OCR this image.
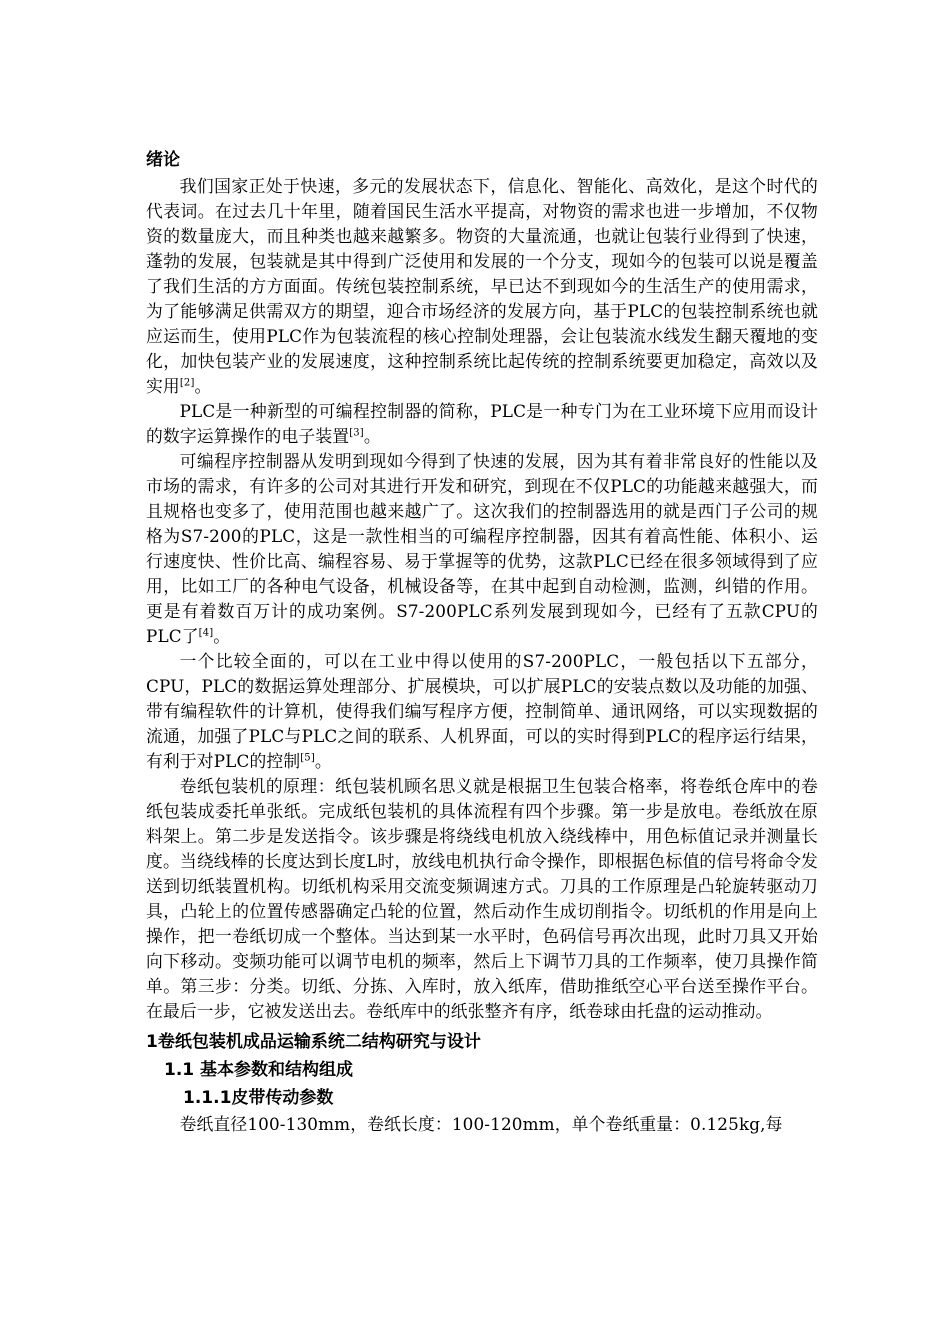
绪论

我们国家正处于快速，多元的发展状态下，信息化、智能化、高效化，是这个时代的代表词。在过去几十年里，随着国民生活水平提高，对物资的需求也进一步增加，不仅物资的数量庞大，而且种类也越来越繁多。物资的大量流通，也就让包装行业得到了快速，蓬勃的发展，包装就是其中得到广泛使用和发展的一个分支，现如今的包装可以说是覆盖了我们生活的方方面面。传统包装控制系统，早已达不到现如今的生活生产的使用需求，为了能够满足供需双方的期望，迎合市场经济的发展方向，基于PLC的包装控制系统也就应运而生，使用PLC作为包装流程的核心控制处理器，会让包装流水线发生翻天覆地的变化，加快包装产业的发展速度，这种控制系统比起传统的控制系统要更加稳定，高效以及实用[2]。

PLC是一种新型的可编程控制器的简称，PLC是一种专门为在工业环境下应用而设计的数字运算操作的电子装置[3]。

可编程序控制器从发明到现如今得到了快速的发展，因为其有着非常良好的性能以及市场的需求，有许多的公司对其进行开发和研究，到现在不仅PLC的功能越来越强大，而且规格也变多了，使用范围也越来越广了。这次我们的控制器选用的就是西门子公司的规格为S7-200的PLC，这是一款性相当的可编程序控制器，因其有着高性能、体积小、运行速度快、性价比高、编程容易、易于掌握等的优势，这款PLC已经在很多领域得到了应用，比如工厂的各种电气设备，机械设备等，在其中起到自动检测，监测，纠错的作用。更是有着数百万计的成功案例。S7-200PLC系列发展到现如今，已经有了五款CPU的PLC了[4]。

一个比较全面的，可以在工业中得以使用的S7-200PLC，一般包括以下五部分，CPU，PLC的数据运算处理部分、扩展模块，可以扩展PLC的安装点数以及功能的加强、带有编程软件的计算机，使得我们编写程序方便，控制简单、通讯网络，可以实现数据的流通，加强了PLC与PLC之间的联系、人机界面，可以的实时得到PLC的程序运行结果，有利于对PLC的控制[5]。

卷纸包装机的原理：纸包装机顾名思义就是根据卫生包装合格率，将卷纸仓库中的卷纸包装成委托单张纸。完成纸包装机的具体流程有四个步骤。第一步是放电。卷纸放在原料架上。第二步是发送指令。该步骤是将绕线电机放入绕线棒中，用色标值记录并测量长度。当绕线棒的长度达到长度L时，放线电机执行命令操作，即根据色标值的信号将命令发送到切纸装置机构。切纸机构采用交流变频调速方式。刀具的工作原理是凸轮旋转驱动刀具，凸轮上的位置传感器确定凸轮的位置，然后动作生成切削指令。切纸机的作用是向上操作，把一卷纸切成一个整体。当达到某一水平时，色码信号再次出现，此时刀具又开始向下移动。变频功能可以调节电机的频率，然后上下调节刀具的工作频率，使刀具操作简单。第三步：分类。切纸、分拣、入库时，放入纸库，借助推纸空心平台送至操作平台。在最后一步，它被发送出去。卷纸库中的纸张整齐有序，纸卷球由托盘的运动推动。

1卷纸包装机成品运输系统二结构研究与设计
1.1 基本参数和结构组成
1.1.1皮带传动参数

卷纸直径100-130mm，卷纸长度：100-120mm，单个卷纸重量：0.125kg,每
